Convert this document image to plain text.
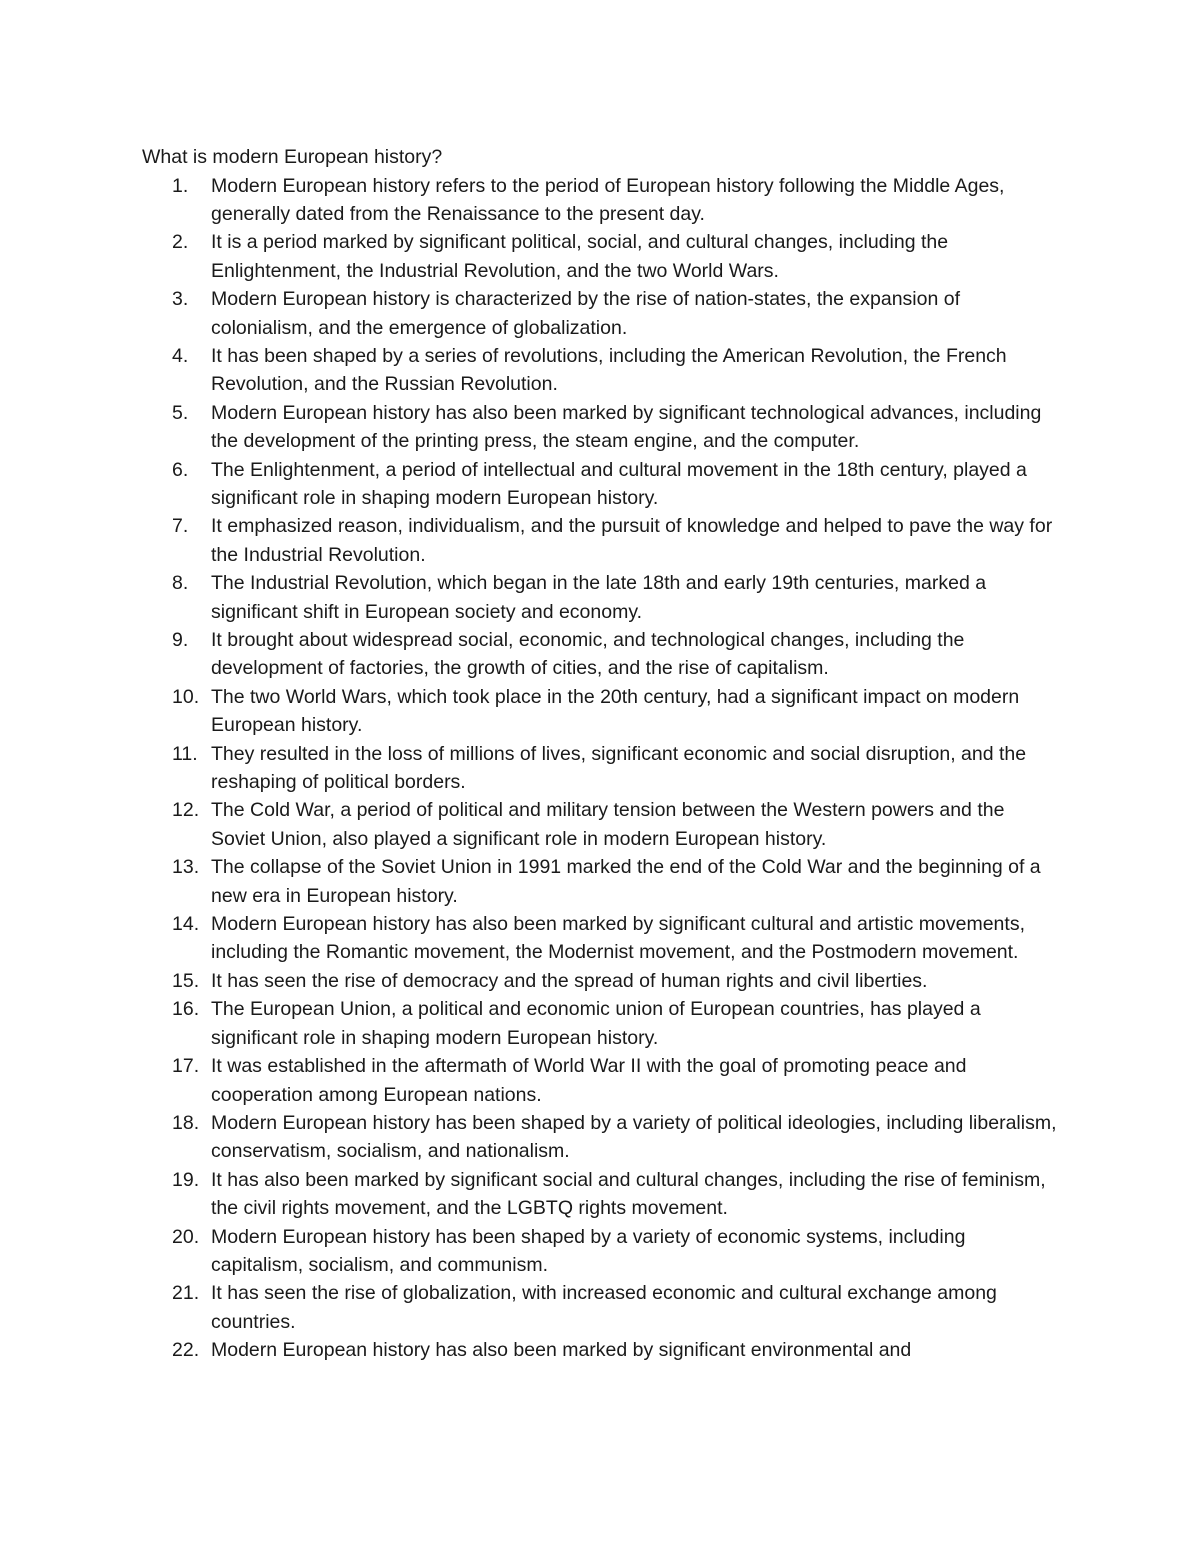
What is modern European history?

1. Modern European history refers to the period of European history following the Middle Ages, generally dated from the Renaissance to the present day.
2. It is a period marked by significant political, social, and cultural changes, including the Enlightenment, the Industrial Revolution, and the two World Wars.
3. Modern European history is characterized by the rise of nation-states, the expansion of colonialism, and the emergence of globalization.
4. It has been shaped by a series of revolutions, including the American Revolution, the French Revolution, and the Russian Revolution.
5. Modern European history has also been marked by significant technological advances, including the development of the printing press, the steam engine, and the computer.
6. The Enlightenment, a period of intellectual and cultural movement in the 18th century, played a significant role in shaping modern European history.
7. It emphasized reason, individualism, and the pursuit of knowledge and helped to pave the way for the Industrial Revolution.
8. The Industrial Revolution, which began in the late 18th and early 19th centuries, marked a significant shift in European society and economy.
9. It brought about widespread social, economic, and technological changes, including the development of factories, the growth of cities, and the rise of capitalism.
10. The two World Wars, which took place in the 20th century, had a significant impact on modern European history.
11. They resulted in the loss of millions of lives, significant economic and social disruption, and the reshaping of political borders.
12. The Cold War, a period of political and military tension between the Western powers and the Soviet Union, also played a significant role in modern European history.
13. The collapse of the Soviet Union in 1991 marked the end of the Cold War and the beginning of a new era in European history.
14. Modern European history has also been marked by significant cultural and artistic movements, including the Romantic movement, the Modernist movement, and the Postmodern movement.
15. It has seen the rise of democracy and the spread of human rights and civil liberties.
16. The European Union, a political and economic union of European countries, has played a significant role in shaping modern European history.
17. It was established in the aftermath of World War II with the goal of promoting peace and cooperation among European nations.
18. Modern European history has been shaped by a variety of political ideologies, including liberalism, conservatism, socialism, and nationalism.
19. It has also been marked by significant social and cultural changes, including the rise of feminism, the civil rights movement, and the LGBTQ rights movement.
20. Modern European history has been shaped by a variety of economic systems, including capitalism, socialism, and communism.
21. It has seen the rise of globalization, with increased economic and cultural exchange among countries.
22. Modern European history has also been marked by significant environmental and
